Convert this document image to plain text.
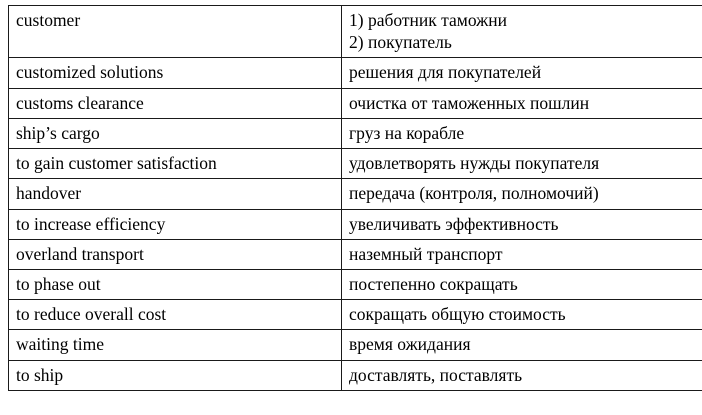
customer	1) работник таможни
2) покупатель

customized solutions	решения для покупателей

customs clearance	очистка от таможенных пошлин

ship’s cargo	груз на корабле

to gain customer satisfaction	удовлетворять нужды покупателя

handover	передача (контроля, полномочий)

to increase efficiency	увеличивать эффективность

overland transport	наземный транспорт

to phase out	постепенно сокращать

to reduce overall cost	сокращать общую стоимость

waiting time	время ожидания

to ship	доставлять, поставлять
